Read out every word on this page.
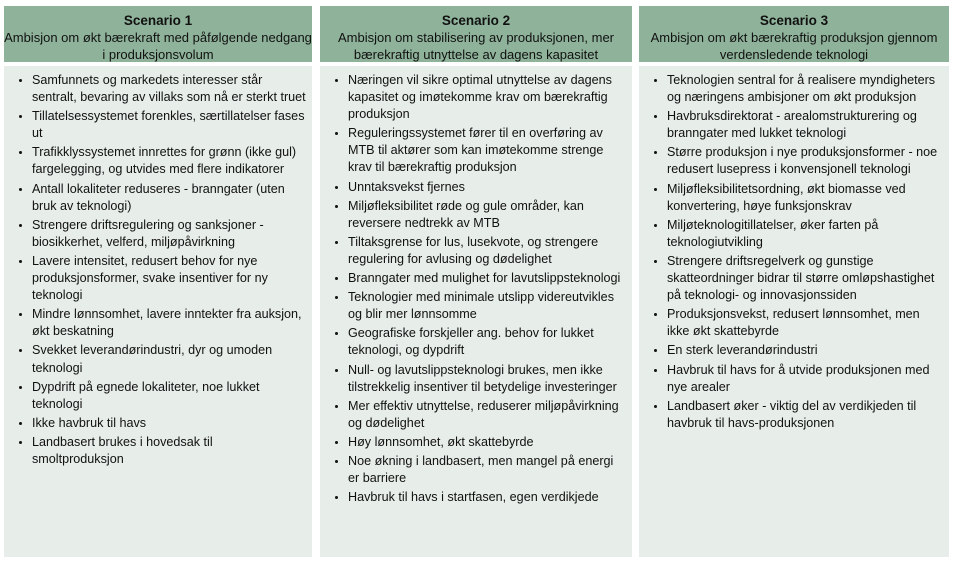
Scenario 1
Ambisjon om økt bærekraft med påfølgende nedgang i produksjonsvolum
• Samfunnets og markedets interesser står sentralt, bevaring av villaks som nå er sterkt truet
• Tillatelsessystemet forenkles, særtillatelser fases ut
• Trafikklyssystemet innrettes for grønn (ikke gul) fargelegging, og utvides med flere indikatorer
• Antall lokaliteter reduseres - branngater (uten bruk av teknologi)
• Strengere driftsregulering og sanksjoner - biosikkerhet, velferd, miljøpåvirkning
• Lavere intensitet, redusert behov for nye produksjonsformer, svake insentiver for ny teknologi
• Mindre lønnsomhet, lavere inntekter fra auksjon, økt beskatning
• Svekket leverandørindustri, dyr og umoden teknologi
• Dypdrift på egnede lokaliteter, noe lukket teknologi
• Ikke havbruk til havs
• Landbasert brukes i hovedsak til smoltproduksjon
Scenario 2
Ambisjon om stabilisering av produksjonen, mer bærekraftig utnyttelse av dagens kapasitet
• Næringen vil sikre optimal utnyttelse av dagens kapasitet og imøtekomme krav om bærekraftig produksjon
• Reguleringssystemet fører til en overføring av MTB til aktører som kan imøtekomme strenge krav til bærekraftig produksjon
• Unntaksvekst fjernes
• Miljøfleksibilitet røde og gule områder, kan reversere nedtrekk av MTB
• Tiltaksgrense for lus, lusekvote, og strengere regulering for avlusing og dødelighet
• Branngater med mulighet for lavutslippsteknologi
• Teknologier med minimale utslipp videreutvikles og blir mer lønnsomme
• Geografiske forskjeller ang. behov for lukket teknologi, og dypdrift
• Null- og lavutslippsteknologi brukes, men ikke tilstrekkelig insentiver til betydelige investeringer
• Mer effektiv utnyttelse, reduserer miljøpåvirkning og dødelighet
• Høy lønnsomhet, økt skattebyrde
• Noe økning i landbasert, men mangel på energi er barriere
• Havbruk til havs i startfasen, egen verdikjede
Scenario 3
Ambisjon om økt bærekraftig produksjon gjennom verdensledende teknologi
• Teknologien sentral for å realisere myndigheters og næringens ambisjoner om økt produksjon
• Havbruksdirektorat - arealomstrukturering og branngater med lukket teknologi
• Større produksjon i nye produksjonsformer - noe redusert lusepress i konvensjonell teknologi
• Miljøfleksibilitetsordning, økt biomasse ved konvertering, høye funksjonskrav
• Miljøteknologitillatelser, øker farten på teknologiutvikling
• Strengere driftsregelverk og gunstige skatteordninger bidrar til større omløpshastighet på teknologi- og innovasjonssiden
• Produksjonsvekst, redusert lønnsomhet, men ikke økt skattebyrde
• En sterk leverandørindustri
• Havbruk til havs for å utvide produksjonen med nye arealer
• Landbasert øker - viktig del av verdikjeden til havbruk til havs-produksjonen
